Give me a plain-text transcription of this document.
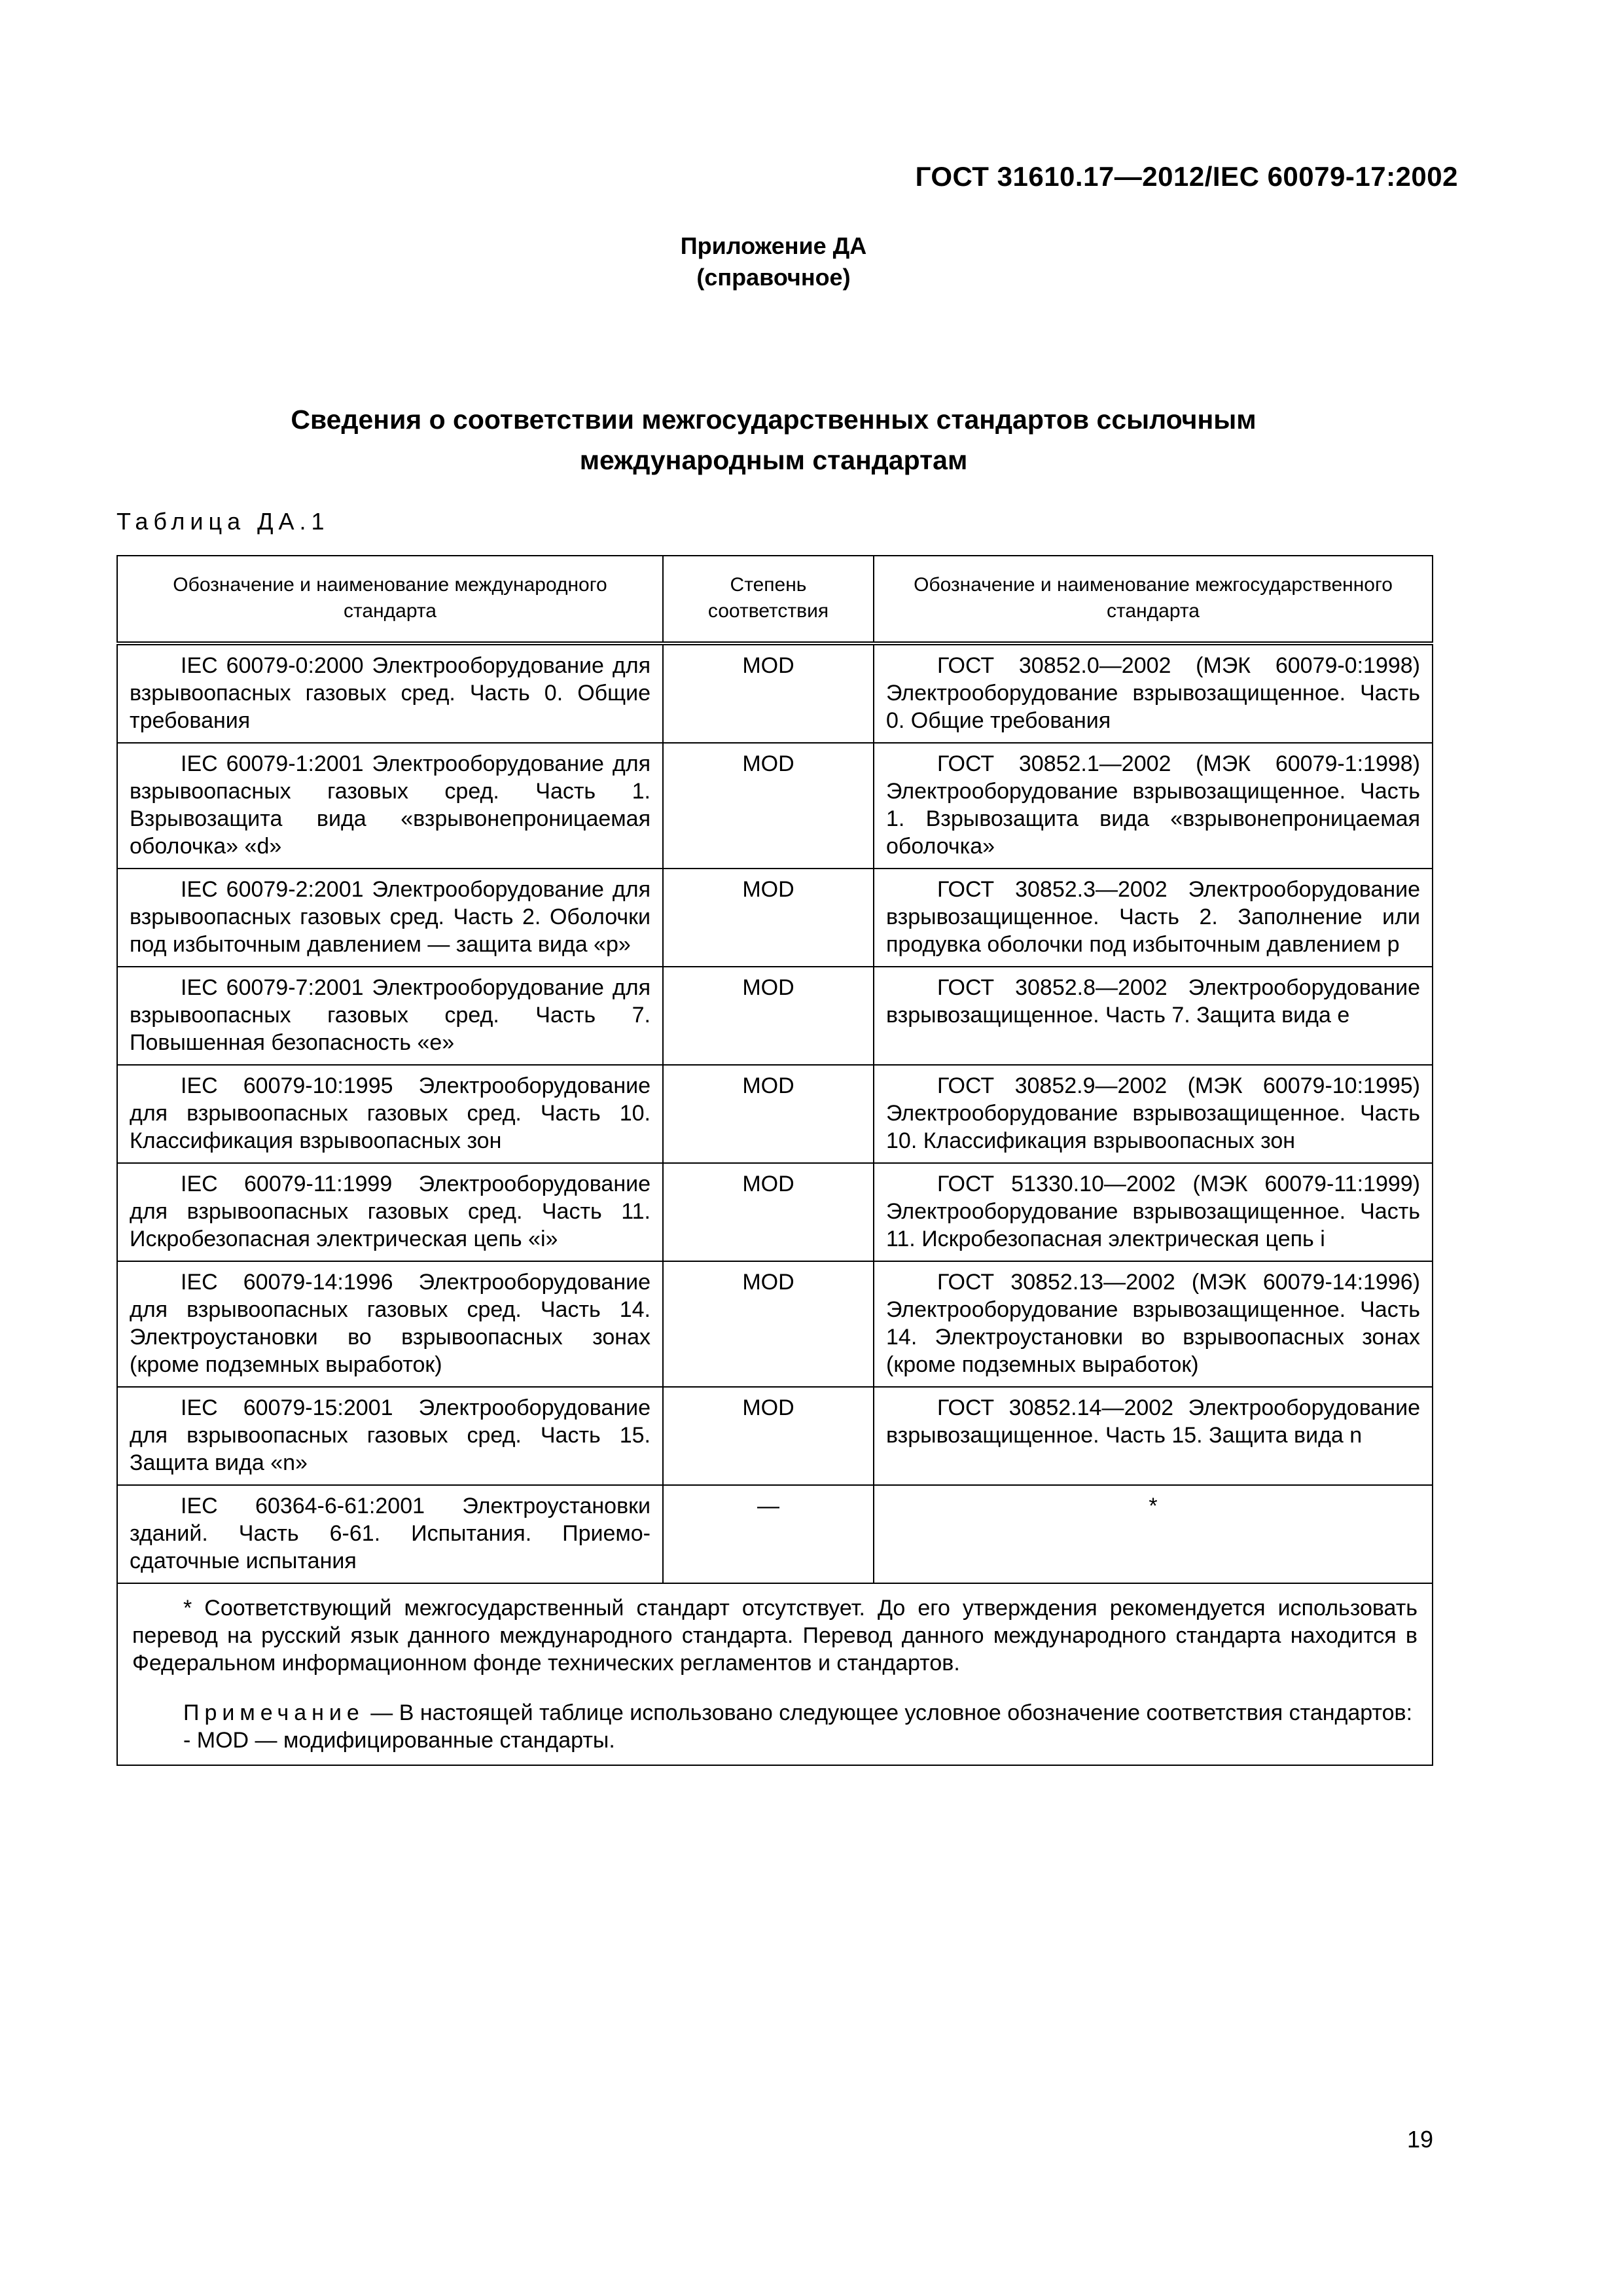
ГОСТ 31610.17—2012/IEC 60079-17:2002
Приложение ДА
(справочное)
Сведения о соответствии межгосударственных стандартов ссылочным
международным стандартам
Таблица ДА.1
Обозначение и наименование международного стандарта	Степень соответствия	Обозначение и наименование межгосударственного стандарта

IEC 60079-0:2000 Электрооборудование для взрывоопасных газовых сред. Часть 0. Общие требования	MOD	ГОСТ 30852.0—2002 (МЭК 60079-0:1998) Электрооборудование взрывозащищенное. Часть 0. Общие требования

IEC 60079-1:2001 Электрооборудование для взрывоопасных газовых сред. Часть 1. Взрывозащита вида «взрывонепроницаемая оболочка» «d»	MOD	ГОСТ 30852.1—2002 (МЭК 60079-1:1998) Электрооборудование взрывозащищенное. Часть 1. Взрывозащита вида «взрывонепроницаемая оболочка»

IEC 60079-2:2001 Электрооборудование для взрывоопасных газовых сред. Часть 2. Оболочки под избыточным давлением — защита вида «р»	MOD	ГОСТ 30852.3—2002 Электрооборудование взрывозащищенное. Часть 2. Заполнение или продувка оболочки под избыточным давлением р

IEC 60079-7:2001 Электрооборудование для взрывоопасных газовых сред. Часть 7. Повышенная безопасность «е»	MOD	ГОСТ 30852.8—2002 Электрооборудование взрывозащищенное. Часть 7. Защита вида е

IEC 60079-10:1995 Электрооборудование для взрывоопасных газовых сред. Часть 10. Классификация взрывоопасных зон	MOD	ГОСТ 30852.9—2002 (МЭК 60079-10:1995) Электрооборудование взрывозащищенное. Часть 10. Классификация взрывоопасных зон

IEC 60079-11:1999 Электрооборудование для взрывоопасных газовых сред. Часть 11. Искробезопасная электрическая цепь «i»	MOD	ГОСТ 51330.10—2002 (МЭК 60079-11:1999) Электрооборудование взрывозащищенное. Часть 11. Искробезопасная электрическая цепь i

IEC 60079-14:1996 Электрооборудование для взрывоопасных газовых сред. Часть 14. Электроустановки во взрывоопасных зонах (кроме подземных выработок)	MOD	ГОСТ 30852.13—2002 (МЭК 60079-14:1996) Электрооборудование взрывозащищенное. Часть 14. Электроустановки во взрывоопасных зонах (кроме подземных выработок)

IEC 60079-15:2001 Электрооборудование для взрывоопасных газовых сред. Часть 15. Защита вида «n»	MOD	ГОСТ 30852.14—2002 Электрооборудование взрывозащищенное. Часть 15. Защита вида n

IEC 60364-6-61:2001 Электроустановки зданий. Часть 6-61. Испытания. Приемо-сдаточные испытания	—	*

* Соответствующий межгосударственный стандарт отсутствует. До его утверждения рекомендуется использовать перевод на русский язык данного международного стандарта. Перевод данного международного стандарта находится в Федеральном информационном фонде технических регламентов и стандартов.

Примечание — В настоящей таблице использовано следующее условное обозначение соответствия стандартов:

- MOD — модифицированные стандарты.		

19
